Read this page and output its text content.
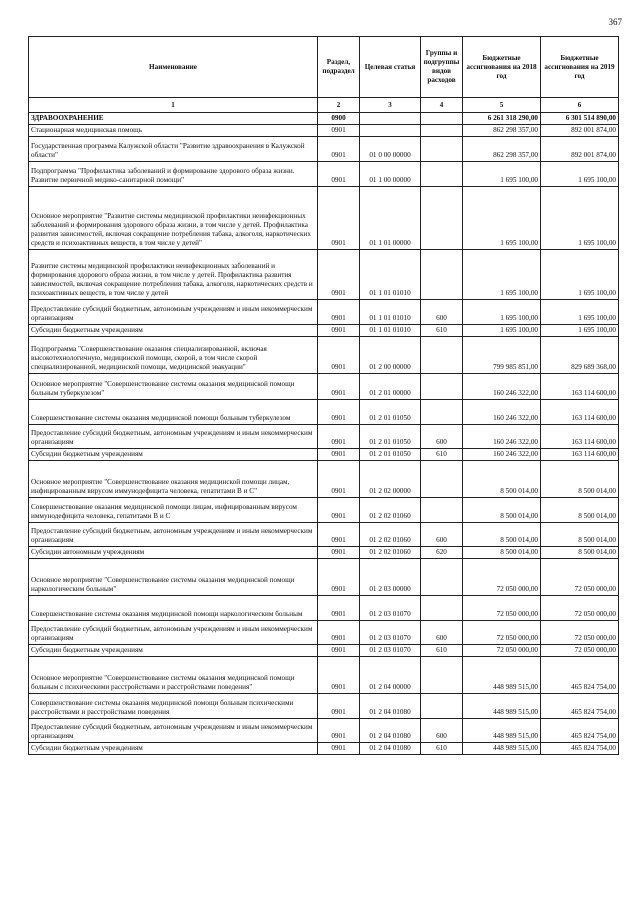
367
Наименование	Раздел, подраздел	Целевая статья	Группы и подгруппы видов расходов	Бюджетные ассигнования на 2018 год	Бюджетные ассигнования на 2019 год
1	2	3	4	5	6
ЗДРАВООХРАНЕНИЕ	0900			6 261 318 290,00	6 301 514 890,00
Стационарная медицинская помощь	0901			862 298 357,00	892 001 874,00
Государственная программа Калужской области "Развитие здравоохранения в Калужской области"	0901	01 0 00 00000		862 298 357,00	892 001 874,00
Подпрограмма "Профилактика заболеваний и формирование здорового образа жизни. Развитие первичной медико-санитарной помощи"	0901	01 1 00 00000		1 695 100,00	1 695 100,00
Основное мероприятие "Развитие системы медицинской профилактики неинфекционных заболеваний и формирования здорового образа жизни, в том числе у детей. Профилактика развития зависимостей, включая сокращение потребления табака, алкоголя, наркотических средств и психоактивных веществ, в том числе у детей"	0901	01 1 01 00000		1 695 100,00	1 695 100,00
Развитие системы медицинской профилактики неинфекционных заболеваний и формирования здорового образа жизни, в том числе у детей. Профилактика развития зависимостей, включая сокращение потребления табака, алкоголя, наркотических средств и психоактивных веществ, в том числе у детей	0901	01 1 01 01010		1 695 100,00	1 695 100,00
Предоставление субсидий бюджетным, автономным учреждениям и иным некоммерческим организациям	0901	01 1 01 01010	600	1 695 100,00	1 695 100,00
Субсидии бюджетным учреждениям	0901	01 1 01 01010	610	1 695 100,00	1 695 100,00
Подпрограмма "Совершенствование оказания специализированной, включая высокотехнологичную, медицинской помощи, скорой, в том числе скорой специализированной, медицинской помощи, медицинской эвакуации"	0901	01 2 00 00000		799 985 851,00	829 689 368,00
Основное мероприятие "Совершенствование системы оказания медицинской помощи больным туберкулезом"	0901	01 2 01 00000		160 246 322,00	163 114 600,00
Совершенствование системы оказания медицинской помощи больным туберкулезом	0901	01 2 01 01050		160 246 322,00	163 114 600,00
Предоставление субсидий бюджетным, автономным учреждениям и иным некоммерческим организациям	0901	01 2 01 01050	600	160 246 322,00	163 114 600,00
Субсидии бюджетным учреждениям	0901	01 2 01 01050	610	160 246 322,00	163 114 600,00
Основное мероприятие "Совершенствование оказания медицинской помощи лицам, инфицированным вирусом иммунодефицита человека, гепатитами В и С"	0901	01 2 02 00000		8 500 014,00	8 500 014,00
Совершенствование оказания медицинской помощи лицам, инфицированным вирусом иммунодефицита человека, гепатитами В и С	0901	01 2 02 01060		8 500 014,00	8 500 014,00
Предоставление субсидий бюджетным, автономным учреждениям и иным некоммерческим организациям	0901	01 2 02 01060	600	8 500 014,00	8 500 014,00
Субсидии автономным учреждениям	0901	01 2 02 01060	620	8 500 014,00	8 500 014,00
Основное мероприятие "Совершенствование системы оказания медицинской помощи наркологическим больным"	0901	01 2 03 00000		72 050 000,00	72 050 000,00
Совершенствование системы оказания медицинской помощи наркологическим больным	0901	01 2 03 01070		72 050 000,00	72 050 000,00
Предоставление субсидий бюджетным, автономным учреждениям и иным некоммерческим организациям	0901	01 2 03 01070	600	72 050 000,00	72 050 000,00
Субсидии бюджетным учреждениям	0901	01 2 03 01070	610	72 050 000,00	72 050 000,00
Основное мероприятие "Совершенствование системы оказания медицинской помощи больным с психическими расстройствами и расстройствами поведения"	0901	01 2 04 00000		448 989 515,00	465 824 754,00
Совершенствование системы оказания медицинской помощи больным психическими расстройствами и расстройствами поведения	0901	01 2 04 01080		448 989 515,00	465 824 754,00
Предоставление субсидий бюджетным, автономным учреждениям и иным некоммерческим организациям	0901	01 2 04 01080	600	448 989 515,00	465 824 754,00
Субсидии бюджетным учреждениям	0901	01 2 04 01080	610	448 989 515,00	465 824 754,00
